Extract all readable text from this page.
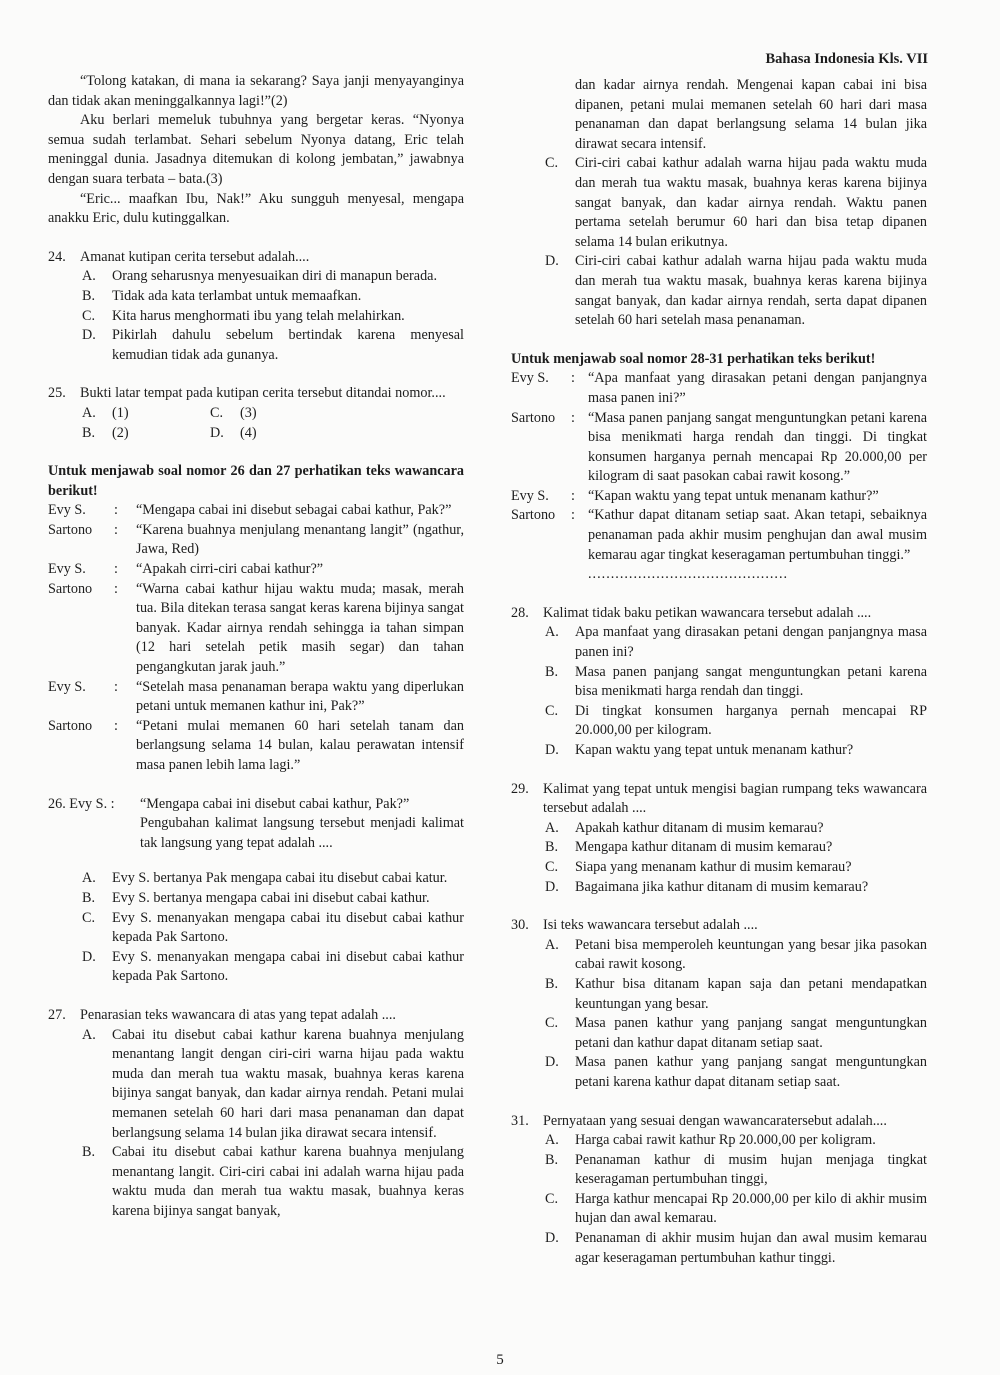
Bahasa Indonesia Kls. VII

“Tolong katakan, di mana ia sekarang? Saya janji menyayanginya dan tidak akan meninggalkannya lagi!”(2)

Aku berlari memeluk tubuhnya yang bergetar keras. “Nyonya semua sudah terlambat. Sehari sebelum Nyonya datang, Eric telah meninggal dunia. Jasadnya ditemukan di kolong jembatan,” jawabnya dengan suara terbata – bata.(3)

“Eric... maafkan Ibu, Nak!” Aku sungguh menyesal, mengapa anakku Eric, dulu kutinggalkan.

24.	Amanat kutipan cerita tersebut adalah....
A.	Orang seharusnya menyesuaikan diri di manapun berada.
B.	Tidak ada kata terlambat untuk memaafkan.
C.	Kita harus menghormati ibu yang telah melahirkan.
D.	Pikirlah dahulu sebelum bertindak karena menyesal kemudian tidak ada gunanya.
25.	Bukti latar tempat pada kutipan cerita tersebut ditandai nomor....
A.	(1)	C.	(3)
B.	(2)	D.	(4)

Untuk menjawab soal nomor 26 dan 27 perhatikan teks wawancara berikut!

Evy S.	:	“Mengapa cabai ini disebut sebagai cabai kathur, Pak?”
Sartono	:	“Karena buahnya menjulang menantang langit” (ngathur, Jawa, Red)
Evy S.	:	“Apakah cirri-ciri cabai kathur?”
Sartono	:	“Warna cabai kathur hijau waktu muda; masak, merah tua. Bila ditekan terasa sangat keras karena bijinya sangat banyak. Kadar airnya rendah sehingga ia tahan simpan (12 hari setelah petik masih segar) dan tahan pengangkutan jarak jauh.”
Evy S.	:	“Setelah masa penanaman berapa waktu yang diperlukan petani untuk memanen kathur ini, Pak?”
Sartono	:	“Petani mulai memanen 60 hari setelah tanam dan berlangsung selama 14 bulan, kalau perawatan intensif masa panen lebih lama lagi.”
26. Evy S. :	“Mengapa cabai ini disebut cabai kathur, Pak?”
Pengubahan kalimat langsung tersebut menjadi kalimat tak langsung yang tepat adalah ....
A.	Evy S. bertanya Pak mengapa cabai itu disebut cabai katur.
B.	Evy S. bertanya mengapa cabai ini disebut cabai kathur.
C.	Evy S. menanyakan mengapa cabai itu disebut cabai kathur kepada Pak Sartono.
D.	Evy S. menanyakan mengapa cabai ini disebut cabai kathur kepada Pak Sartono.
27.	Penarasian teks wawancara di atas yang tepat adalah ....
A.	Cabai itu disebut cabai kathur karena buahnya menjulang menantang langit dengan ciri-ciri warna hijau pada waktu muda dan merah tua waktu masak, buahnya keras karena bijinya sangat banyak, dan kadar airnya rendah. Petani mulai memanen setelah 60 hari dari masa penanaman dan dapat berlangsung selama 14 bulan jika dirawat secara intensif.
B.	Cabai itu disebut cabai kathur karena buahnya menjulang menantang langit. Ciri-ciri cabai ini adalah warna hijau pada waktu muda dan merah tua waktu masak, buahnya keras karena bijinya sangat banyak,
dan kadar airnya rendah. Mengenai kapan cabai ini bisa dipanen, petani mulai memanen setelah 60 hari dari masa penanaman dan dapat berlangsung selama 14 bulan jika dirawat secara intensif.
C.	Ciri-ciri cabai kathur adalah warna hijau pada waktu muda dan merah tua waktu masak, buahnya keras karena bijinya sangat banyak, dan kadar airnya rendah. Waktu panen pertama setelah berumur 60 hari dan bisa tetap dipanen selama 14 bulan erikutnya.
D.	Ciri-ciri cabai kathur adalah warna hijau pada waktu muda dan merah tua waktu masak, buahnya keras karena bijinya sangat banyak, dan kadar airnya rendah, serta dapat dipanen setelah 60 hari setelah masa penanaman.

Untuk menjawab soal nomor 28-31 perhatikan teks berikut!

Evy S.	: “Apa manfaat yang dirasakan petani dengan panjangnya masa panen ini?”
Sartono	: “Masa panen panjang sangat menguntungkan petani karena bisa menikmati harga rendah dan tinggi. Di tingkat konsumen harganya pernah mencapai Rp 20.000,00 per kilogram di saat pasokan cabai rawit kosong.”
Evy S.	: “Kapan waktu yang tepat untuk menanam kathur?”
Sartono	: “Kathur dapat ditanam setiap saat. Akan tetapi, sebaiknya penanaman pada akhir musim penghujan dan awal musim kemarau agar tingkat keseragaman pertumbuhan tinggi.”
............................................
28.	Kalimat tidak baku petikan wawancara tersebut adalah ....
A.	Apa manfaat yang dirasakan petani dengan panjangnya masa panen ini?
B.	Masa panen panjang sangat menguntungkan petani karena bisa menikmati harga rendah dan tinggi.
C.	Di tingkat konsumen harganya pernah mencapai RP 20.000,00 per kilogram.
D.	Kapan waktu yang tepat untuk menanam kathur?
29.	Kalimat yang tepat untuk mengisi bagian rumpang teks wawancara tersebut adalah ....
A.	Apakah kathur ditanam di musim kemarau?
B.	Mengapa kathur ditanam di musim kemarau?
C.	Siapa yang menanam kathur di musim kemarau?
D.	Bagaimana jika kathur ditanam di musim kemarau?
30.	Isi teks wawancara tersebut adalah ....
A.	Petani bisa memperoleh keuntungan yang besar jika pasokan cabai rawit kosong.
B.	Kathur bisa ditanam kapan saja dan petani mendapatkan keuntungan yang besar.
C.	Masa panen kathur yang panjang sangat menguntungkan petani dan kathur dapat ditanam setiap saat.
D.	Masa panen kathur yang panjang sangat menguntungkan petani karena kathur dapat ditanam setiap saat.
31.	Pernyataan yang sesuai dengan wawancaratersebut adalah....
A.	Harga cabai rawit kathur Rp 20.000,00 per koligram.
B.	Penanaman kathur di musim hujan menjaga tingkat keseragaman pertumbuhan tinggi,
C.	Harga kathur mencapai Rp 20.000,00 per kilo di akhir musim hujan dan awal kemarau.
D.	Penanaman di akhir musim hujan dan awal musim kemarau agar keseragaman pertumbuhan kathur tinggi.
5
